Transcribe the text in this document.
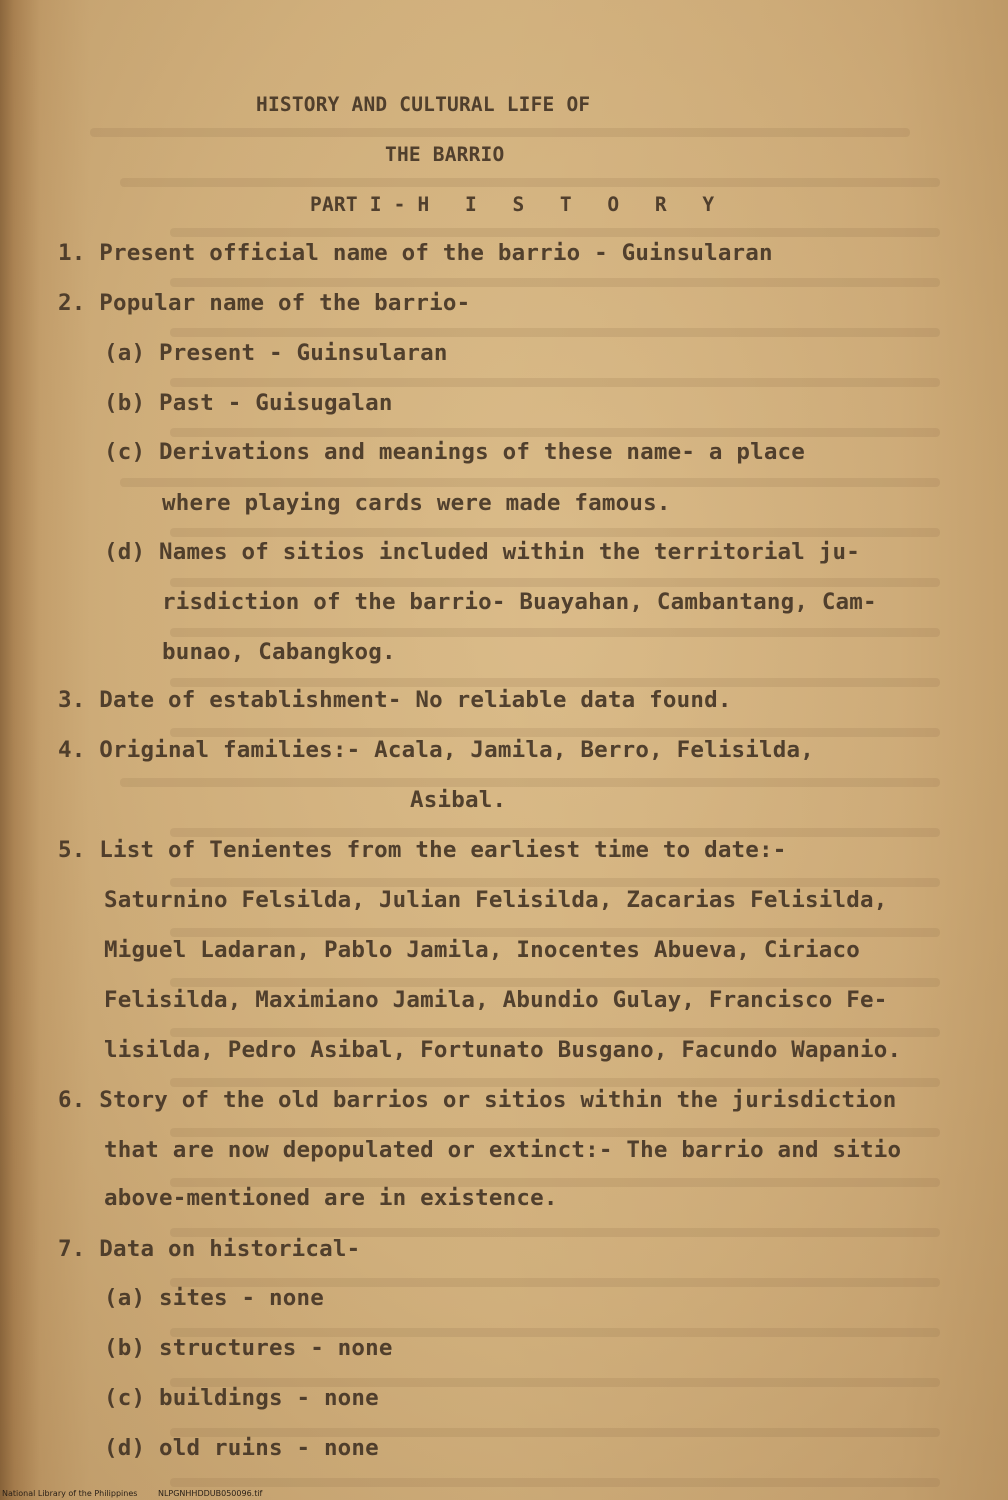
HISTORY AND CULTURAL LIFE OF
THE BARRIO
PART I - H I S T O R Y
1. Present official name of the barrio - Guinsularan
2. Popular name of the barrio-
(a) Present - Guinsularan
(b) Past - Guisugalan
(c) Derivations and meanings of these name- a place
where playing cards were made famous.
(d) Names of sitios included within the territorial ju-
risdiction of the barrio- Buayahan, Cambantang, Cam-
bunao, Cabangkog.
3. Date of establishment- No reliable data found.
4. Original families:- Acala, Jamila, Berro, Felisilda,
Asibal.
5. List of Tenientes from the earliest time to date:-
Saturnino Felsilda, Julian Felisilda, Zacarias Felisilda,
Miguel Ladaran, Pablo Jamila, Inocentes Abueva, Ciriaco
Felisilda, Maximiano Jamila, Abundio Gulay, Francisco Fe-
lisilda, Pedro Asibal, Fortunato Busgano, Facundo Wapanio.
6. Story of the old barrios or sitios within the jurisdiction
that are now depopulated or extinct:- The barrio and sitio
above-mentioned are in existence.
7. Data on historical-
(a) sites - none
(b) structures - none
(c) buildings - none
(d) old ruins - none
National Library of the Philippines	NLPGNHHDDUB050096.tif
